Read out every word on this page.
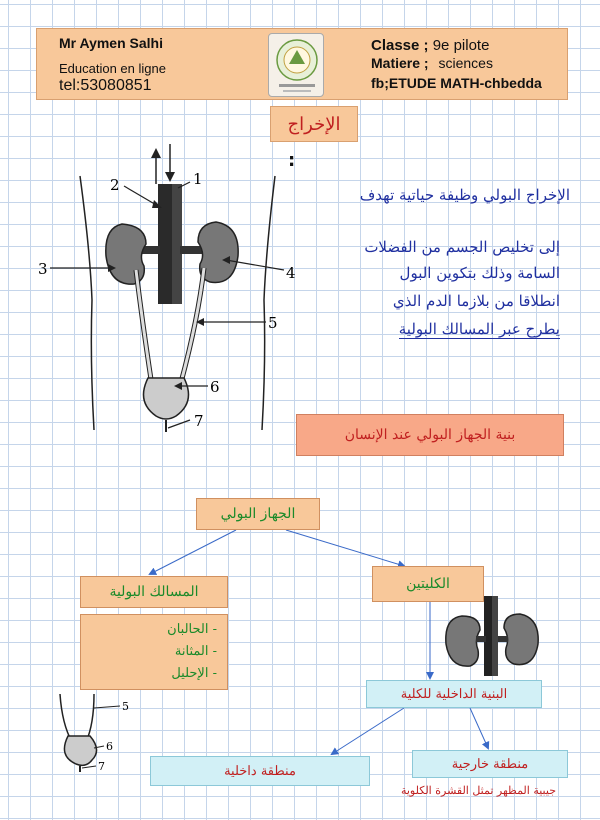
Mr Aymen Salhi
Education en ligne
tel:53080851
Classe ; 9e pilote
Matiere ; sciences
fb;ETUDE MATH-chbedda
الإخراج
:
1
2
3	4
5
6
7
الإخراج البولي وظيفة حياتية تهدف
إلى تخليص الجسم من الفضلات
السامة وذلك بتكوين البول
انطلاقا من بلازما الدم الذي
يطرح عبر المسالك البولية
بنية الجهاز البولي عند الإنسان
5
6
7
الجهاز البولي
المسالك البولية	الكليتين
- الحالبان
- المثانة
- الإحليل
البنية الداخلية للكلية
منطقة داخلية	منطقة خارجية
جيبية المظهر تمثل القشرة الكلوية
